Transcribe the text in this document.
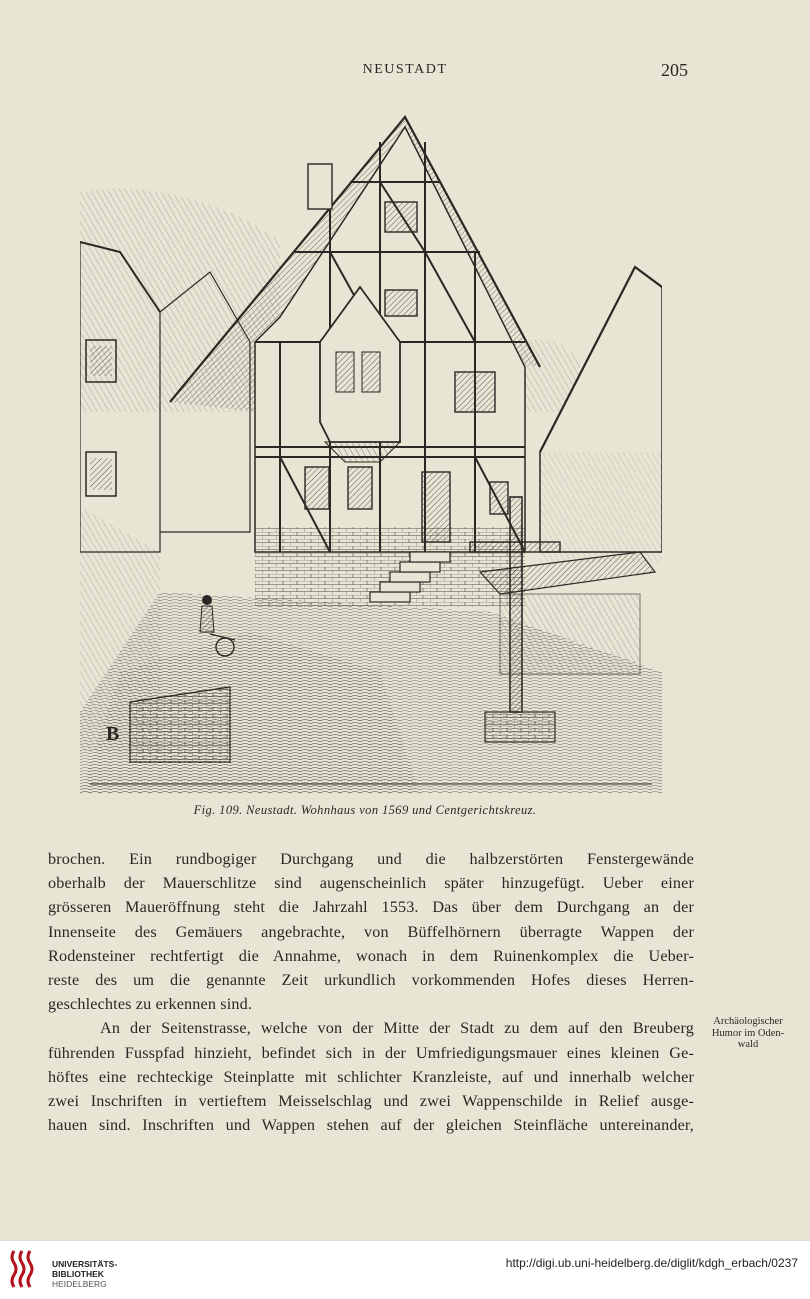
NEUSTADT	205
B
Fig. 109. Neustadt. Wohnhaus von 1569 und Centgerichtskreuz.
brochen. Ein rundbogiger Durchgang und die halbzerstörten Fenstergewände
oberhalb der Mauerschlitze sind augenscheinlich später hinzugefügt. Ueber einer
grösseren Maueröffnung steht die Jahrzahl 1553. Das über dem Durchgang an der
Innenseite des Gemäuers angebrachte, von Büffelhörnern überragte Wappen der
Rodensteiner rechtfertigt die Annahme, wonach in dem Ruinenkomplex die Ueber-
reste des um die genannte Zeit urkundlich vorkommenden Hofes dieses Herren-
geschlechtes zu erkennen sind.
An der Seitenstrasse, welche von der Mitte der Stadt zu dem auf den Breuberg
führenden Fusspfad hinzieht, befindet sich in der Umfriedigungsmauer eines kleinen Ge-
höftes eine rechteckige Steinplatte mit schlichter Kranzleiste, auf und innerhalb welcher
zwei Inschriften in vertieftem Meisselschlag und zwei Wappenschilde in Relief ausge-
hauen sind. Inschriften und Wappen stehen auf der gleichen Steinfläche untereinander,
Archäologischer
Humor im Oden-
wald
UNIVERSITÄTS-
BIBLIOTHEK
HEIDELBERG
http://digi.ub.uni-heidelberg.de/diglit/kdgh_erbach/0237
